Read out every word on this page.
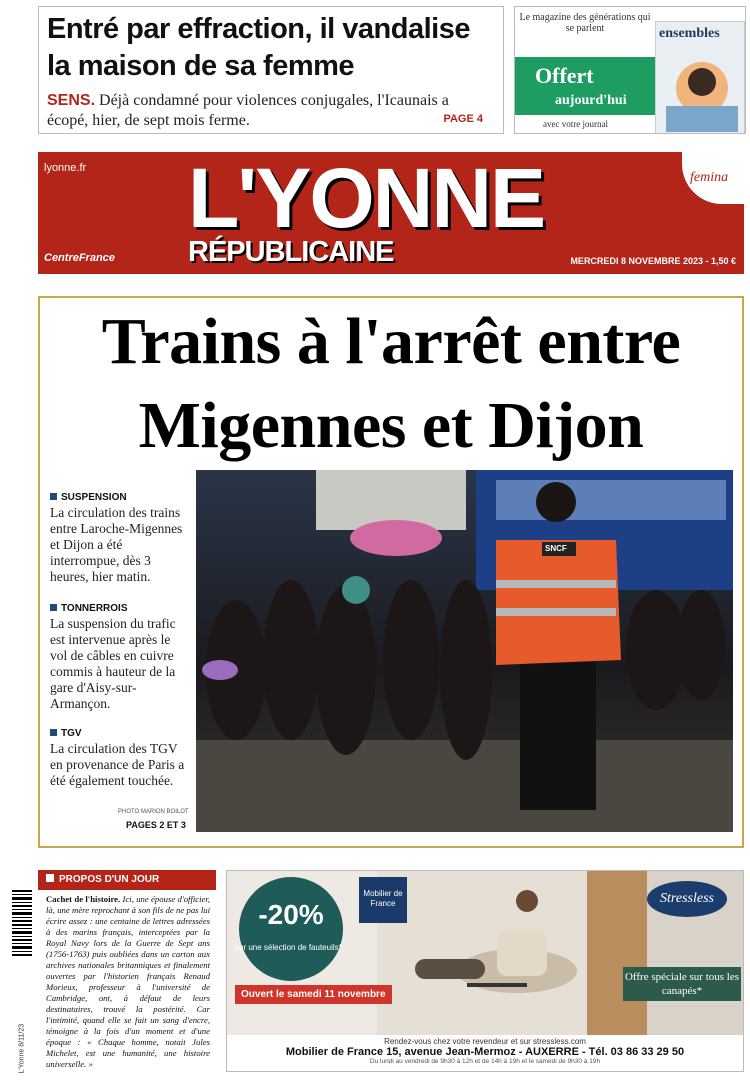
Entré par effraction, il vandalise la maison de sa femme
SENS. Déjà condamné pour violences conjugales, l'Icaunais a écopé, hier, de sept mois ferme.	PAGE 4
Le magazine des générations qui se parlent
Offert
aujourd'hui
avec votre journal
ensembles
lyonne.fr L'YONNE
RÉPUBLICAINE
CentreFrance	MERCREDI 8 NOVEMBRE 2023 - 1,50 €
femina
Trains à l'arrêt entre
Migennes et Dijon
SUSPENSION
La circulation des trains entre Laroche-Migennes et Dijon a été interrompue, dès 3 heures, hier matin.
TONNERROIS
La suspension du trafic est intervenue après le vol de câbles en cuivre commis à hauteur de la gare d'Aisy-sur-Armançon.
TGV
La circulation des TGV en provenance de Paris a été également touchée.
PHOTO MARION BOILOT
PAGES 2 ET 3
SNCF
L'Yonne 8/11/23
PROPOS D'UN JOUR
Cachet de l'histoire. Ici, une épouse d'officier, là, une mère reprochant à son fils de ne pas lui écrire assez : une centaine de lettres adressées à des marins français, interceptées par la Royal Navy lors de la Guerre de Sept ans (1756-1763) puis oubliées dans un carton aux archives nationales britanniques et finalement ouvertes par l'historien français Renaud Morieux, professeur à l'université de Cambridge, ont, à défaut de leurs destinataires, trouvé la postérité. Car l'intimité, quand elle se fait un sang d'encre, témoigne à la fois d'un moment et d'une époque : « Chaque homme, notait Jules Michelet, est une humanité, une histoire universelle. »
-20%
sur une sélection de fauteuils*
Ouvert le samedi 11 novembre
Mobilier de France	Stressless
Offre spéciale sur tous les canapés*
Rendez-vous chez votre revendeur et sur stressless.com
Mobilier de France 15, avenue Jean-Mermoz - AUXERRE - Tél. 03 86 33 29 50
Du lundi au vendredi de 9h30 à 12h et de 14h à 19h et le samedi de 9h30 à 19h
